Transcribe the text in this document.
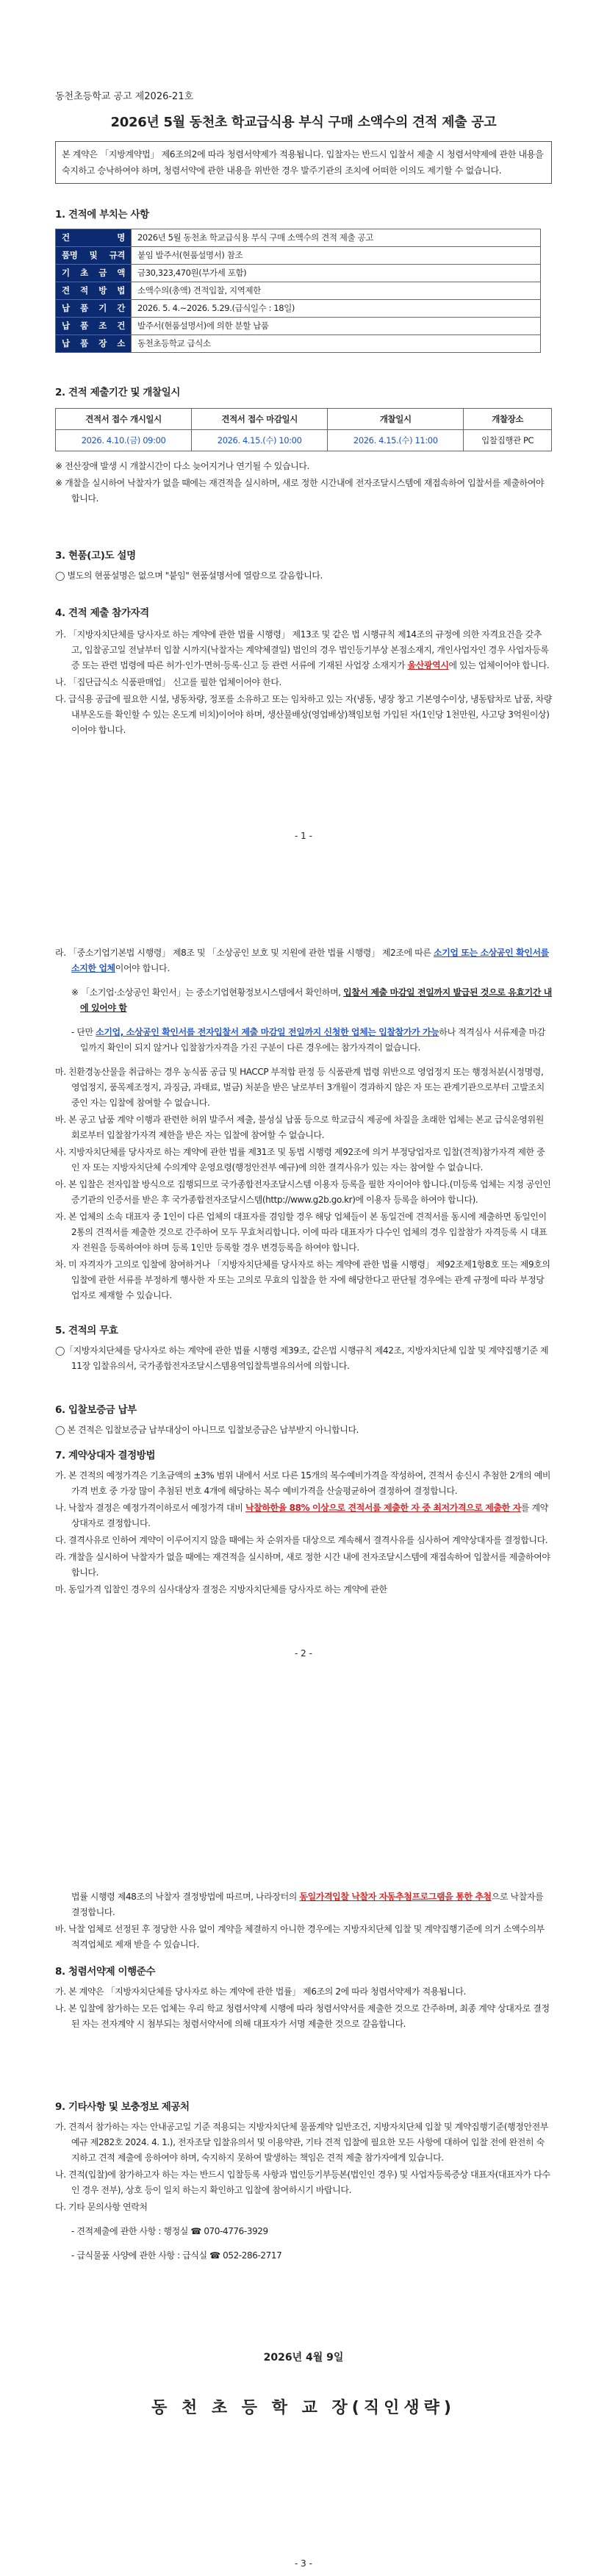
동천초등학교 공고 제2026-21호
2026년 5월 동천초 학교급식용 부식 구매 소액수의 견적 제출 공고
본 계약은 「지방계약법」 제6조의2에 따라 청렴서약제가 적용됩니다. 입찰자는 반드시 입찰서 제출 시 청렴서약제에 관한 내용을 숙지하고 승낙하여야 하며, 청렴서약에 관한 내용을 위반한 경우 발주기관의 조치에 어떠한 이의도 제기할 수 없습니다.
1. 견적에 부치는 사항
건 명	2026년 5월 동천초 학교급식용 부식 구매 소액수의 견적 제출 공고
품명 및 규격	붙임 발주서(현품설명서) 참조
기 초 금 액	금30,323,470원(부가세 포함)
견 적 방 법	소액수의(총액) 견적입찰, 지역제한
납 품 기 간	2026. 5. 4.~2026. 5.29.(급식일수 : 18일)
납 품 조 건	발주서(현품설명서)에 의한 분할 납품
납 품 장 소	동천초등학교 급식소
2. 견적 제출기간 및 개찰일시
견적서 접수 개시일시	견적서 접수 마감일시	개찰일시	개찰장소
2026. 4.10.(금) 09:00	2026. 4.15.(수) 10:00	2026. 4.15.(수) 11:00	입찰집행관 PC

※ 전산장애 발생 시 개찰시간이 다소 늦어지거나 연기될 수 있습니다.

※ 개찰을 실시하여 낙찰자가 없을 때에는 재견적을 실시하며, 새로 정한 시간내에 전자조달시스템에 재접속하여 입찰서를 제출하여야 합니다.

3. 현품(고)도 설명

◯ 별도의 현품설명은 없으며 "붙임" 현품설명서에 열람으로 갈음합니다.

4. 견적 제출 참가자격

가. 「지방자치단체를 당사자로 하는 계약에 관한 법률 시행령」 제13조 및 같은 법 시행규칙 제14조의 규정에 의한 자격요건을 갖추고, 입찰공고일 전날부터 입찰 시까지(낙찰자는 계약체결일) 법인의 경우 법인등기부상 본점소재지, 개인사업자인 경우 사업자등록증 또는 관련 법령에 따른 허가·인가·면허·등록·신고 등 관련 서류에 기재된 사업장 소재지가 울산광역시에 있는 업체이어야 합니다.

나. 「집단급식소 식품판매업」 신고를 필한 업체이어야 한다.

다. 급식용 공급에 필요한 시설, 냉동차량, 정포를 소유하고 또는 임차하고 있는 자(냉동, 냉장 창고 기본영수이상, 냉동탑차로 납품, 차량내부온도를 확인할 수 있는 온도계 비치)이어야 하며, 생산물배상(영업배상)책임보험 가입된 자(1인당 1천만원, 사고당 3억원이상)이어야 합니다.

- 1 -

라. 「중소기업기본법 시행령」 제8조 및 「소상공인 보호 및 지원에 관한 법률 시행령」 제2조에 따른 소기업 또는 소상공인 확인서를 소지한 업체이어야 합니다.

※ 「소기업·소상공인 확인서」는 중소기업현황정보시스템에서 확인하며, 입찰서 제출 마감일 전일까지 발급된 것으로 유효기간 내에 있어야 함

- 단만 소기업, 소상공인 확인서를 전자입찰서 제출 마감일 전일까지 신청한 업체는 입찰참가가 가능하나 적격심사 서류제출 마감일까지 확인이 되지 않거나 입찰참가자격을 가진 구분이 다른 경우에는 참가자격이 없습니다.

마. 친환경농산물을 취급하는 경우 농식품 공급 및 HACCP 부적합 판정 등 식품관계 법령 위반으로 영업정지 또는 행정처분(시정명령, 영업정지, 품목제조정지, 과징금, 과태료, 벌금) 처분을 받은 날로부터 3개월이 경과하지 않은 자 또는 관계기관으로부터 고발조치 중인 자는 입찰에 참여할 수 없습니다.

바. 본 공고 납품 계약 이행과 관련한 허위 발주서 제출, 불성실 납품 등으로 학교급식 제공에 차질을 초래한 업체는 본교 급식운영위원회로부터 입찰참가자격 제한을 받은 자는 입찰에 참여할 수 없습니다.

사. 지방자치단체를 당사자로 하는 계약에 관한 법률 제31조 및 동법 시행령 제92조에 의거 부정당업자로 입찰(견적)참가자격 제한 중인 자 또는 지방자치단체 수의계약 운영요령(행정안전부 예규)에 의한 결격사유가 있는 자는 참여할 수 없습니다.

아. 본 입찰은 전자입찰 방식으로 집행되므로 국가종합전자조달시스템 이용자 등록을 필한 자이어야 합니다.(미등록 업체는 지정 공인인증기관의 인증서를 받은 후 국가종합전자조달시스템(http://www.g2b.go.kr)에 이용자 등록을 하여야 합니다).

자. 본 업체의 소속 대표자 중 1인이 다른 업체의 대표자를 겸임할 경우 해당 업체들이 본 동일건에 견적서를 동시에 제출하면 동일인이 2통의 견적서를 제출한 것으로 간주하여 모두 무효처리합니다. 이에 따라 대표자가 다수인 업체의 경우 입찰참가 자격등록 시 대표자 전원을 등록하여야 하며 등록 1인만 등록할 경우 변경등록을 하여야 합니다.

차. 미 자격자가 고의로 입찰에 참여하거나 「지방자치단체를 당사자로 하는 계약에 관한 법률 시행령」 제92조제1항8호 또는 제9호의 입찰에 관한 서류를 부정하게 행사한 자 또는 고의로 무효의 입찰을 한 자에 해당한다고 판단될 경우에는 관계 규정에 따라 부정당업자로 제재할 수 있습니다.

5. 견적의 무효

◯「지방자치단체를 당사자로 하는 계약에 관한 법률 시행령 제39조, 같은법 시행규칙 제42조, 지방자치단체 입찰 및 계약집행기준 제11장 입찰유의서, 국가종합전자조달시스템용역입찰특별유의서에 의합니다.

6. 입찰보증금 납부

◯ 본 견적은 입찰보증금 납부대상이 아니므로 입찰보증금은 납부받지 아니합니다.

7. 계약상대자 결정방법

가. 본 견적의 예정가격은 기초금액의 ±3% 범위 내에서 서로 다른 15개의 복수예비가격을 작성하여, 견적서 송신시 추첨한 2개의 예비가격 번호 중 가장 많이 추첨된 번호 4개에 해당하는 복수 예비가격을 산술평균하여 결정하여 결정합니다.

나. 낙찰자 결정은 예정가격이하로서 예정가격 대비 낙찰하한율 88% 이상으로 견적서를 제출한 자 중 최저가격으로 제출한 자를 계약상대자로 결정합니다.

다. 결격사유로 인하여 계약이 이루어지지 않을 때에는 차 순위자를 대상으로 계속해서 결격사유를 심사하여 계약상대자를 결정합니다.

라. 개찰을 실시하여 낙찰자가 없을 때에는 재견적을 실시하며, 새로 정한 시간 내에 전자조달시스템에 재접속하여 입찰서를 제출하여야 합니다.

마. 동일가격 입찰인 경우의 심사대상자 결정은 지방자치단체를 당사자로 하는 계약에 관한

- 2 -

법률 시행령 제48조의 낙찰자 결정방법에 따르며, 나라장터의 동일가격입찰 낙찰자 자동추첨프로그램을 통한 추첨으로 낙찰자를 결정합니다.

바. 낙찰 업체로 선정된 후 정당한 사유 없이 계약을 체결하지 아니한 경우에는 지방자치단체 입찰 및 계약집행기준에 의거 소액수의부적격업체로 제재 받을 수 있습니다.

8. 청렴서약제 이행준수

가. 본 계약은 「지방자치단체를 당사자로 하는 계약에 관한 법률」 제6조의 2에 따라 청렴서약제가 적용됩니다.

나. 본 입찰에 참가하는 모든 업체는 우리 학교 청렴서약제 시행에 따라 청렴서약서를 제출한 것으로 간주하며, 최종 계약 상대자로 결정된 자는 전자계약 시 첨부되는 청렴서약서에 의해 대표자가 서명 제출한 것으로 갈음합니다.

9. 기타사항 및 보충정보 제공처

가. 견적서 참가하는 자는 안내공고일 기준 적용되는 지방자치단체 물품계약 일반조건, 지방자치단체 입찰 및 계약집행기준(행정안전부예규 제282호 2024. 4. 1.), 전자조달 입찰유의서 및 이용약관, 기타 견적 입찰에 필요한 모든 사항에 대하여 입찰 전에 완전히 숙지하고 견적 제출에 응하여야 하며, 숙지하지 못하여 발생하는 책임은 견적 제출 참가자에게 있습니다.

나. 견적(입찰)에 참가하고자 하는 자는 반드시 입찰등록 사항과 법인등기부등본(법인인 경우) 및 사업자등록증상 대표자(대표자가 다수인 경우 전부), 상호 등이 일치 하는지 확인하고 입찰에 참여하시기 바랍니다.

다. 기타 문의사항 연락처

- 견적제출에 관한 사항 : 행정실 ☎ 070-4776-3929

- 급식물품 사양에 관한 사항 : 급식실 ☎ 052-286-2717

2026년 4월 9일
동 천 초 등 학 교 장(직인생략)
- 3 -
